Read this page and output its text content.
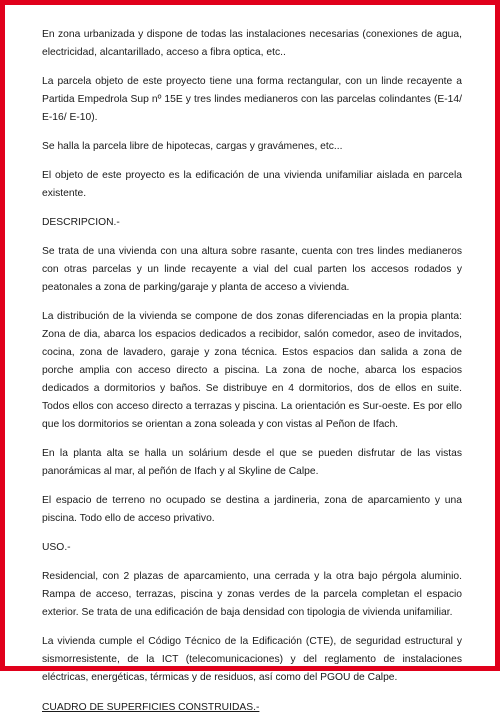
En zona urbanizada y dispone de todas las instalaciones necesarias (conexiones de agua, electricidad, alcantarillado, acceso a fibra optica, etc..

La parcela objeto de este proyecto tiene una forma rectangular, con un linde recayente a Partida Empedrola Sup nº 15E y tres lindes medianeros con las parcelas colindantes (E-14/ E-16/ E-10).

Se halla la parcela libre de hipotecas, cargas y gravámenes, etc...

El objeto de este proyecto es la edificación de una vivienda unifamiliar aislada en parcela existente.

DESCRIPCION.-

Se trata de una vivienda con una altura sobre rasante, cuenta con tres lindes medianeros con otras parcelas y un linde recayente a vial del cual parten los accesos rodados y peatonales a zona de parking/garaje y planta de acceso a vivienda.

La distribución de la vivienda se compone de dos zonas diferenciadas en la propia planta: Zona de dia, abarca los espacios dedicados a recibidor, salón comedor, aseo de invitados, cocina, zona de lavadero, garaje y zona técnica. Estos espacios dan salida a zona de porche amplia con acceso directo a piscina. La zona de noche, abarca los espacios dedicados a dormitorios y baños. Se distribuye en 4 dormitorios, dos de ellos en suite. Todos ellos con acceso directo a terrazas y piscina. La orientación es Sur-oeste. Es por ello que los dormitorios se orientan a zona soleada y con vistas al Peñon de Ifach.

En la planta alta se halla un solárium desde el que se pueden disfrutar de las vistas panorámicas al mar, al peñón de Ifach y al Skyline de Calpe.

El espacio de terreno no ocupado se destina a jardineria, zona de aparcamiento y una piscina. Todo ello de acceso privativo.

USO.-

Residencial, con 2 plazas de aparcamiento, una cerrada y la otra bajo pérgola aluminio. Rampa de acceso, terrazas, piscina y zonas verdes de la parcela completan el espacio exterior. Se trata de una edificación de baja densidad con tipologia de vivienda unifamiliar.

La vivienda cumple el Código Técnico de la Edificación (CTE), de seguridad estructural y sismorresistente, de la ICT (telecomunicaciones) y del reglamento de instalaciones eléctricas, energéticas, térmicas y de residuos, así como del PGOU de Calpe.

CUADRO DE SUPERFICIES CONSTRUIDAS.-
